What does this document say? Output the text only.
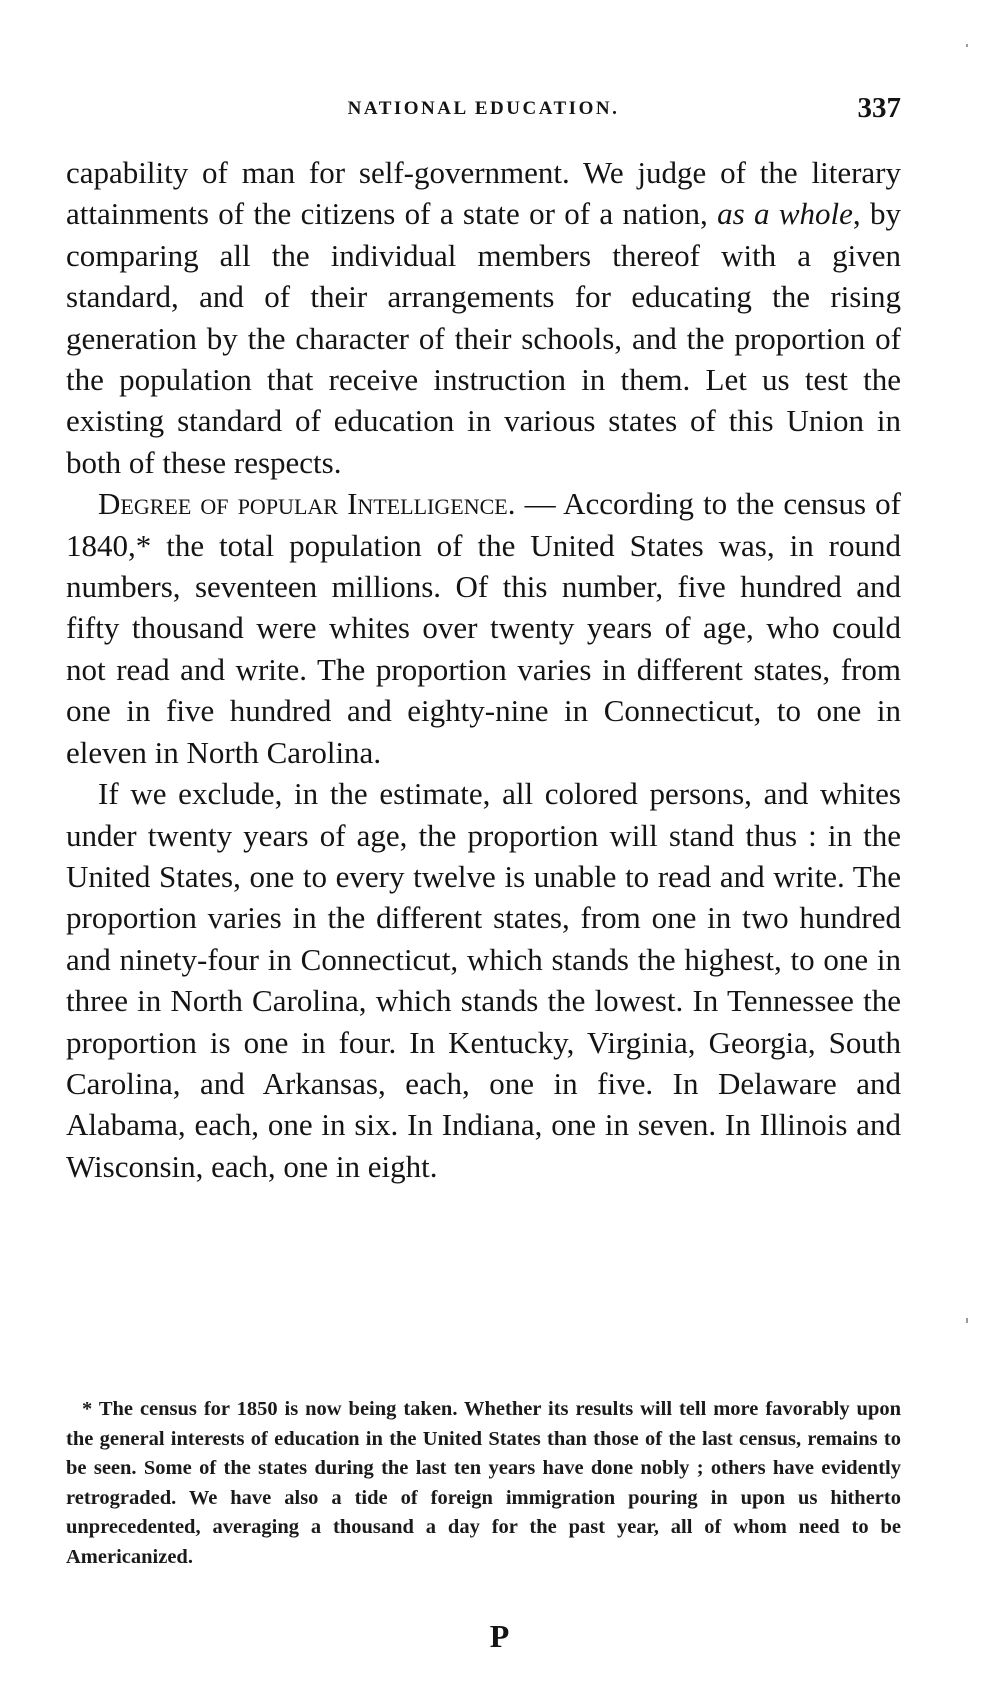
NATIONAL EDUCATION.	337

capability of man for self-government. We judge of the literary attainments of the citizens of a state or of a nation, as a whole, by comparing all the individual members thereof with a given standard, and of their arrangements for educating the rising generation by the character of their schools, and the proportion of the population that receive instruction in them. Let us test the existing standard of education in various states of this Union in both of these respects.

Degree of popular Intelligence. — According to the census of 1840,* the total population of the United States was, in round numbers, seventeen millions. Of this number, five hundred and fifty thousand were whites over twenty years of age, who could not read and write. The proportion varies in different states, from one in five hundred and eighty-nine in Connecticut, to one in eleven in North Carolina.

If we exclude, in the estimate, all colored persons, and whites under twenty years of age, the proportion will stand thus : in the United States, one to every twelve is unable to read and write. The proportion varies in the different states, from one in two hundred and ninety-four in Connecticut, which stands the highest, to one in three in North Carolina, which stands the lowest. In Tennessee the proportion is one in four. In Kentucky, Virginia, Georgia, South Carolina, and Arkansas, each, one in five. In Delaware and Alabama, each, one in six. In Indiana, one in seven. In Illinois and Wisconsin, each, one in eight.

* The census for 1850 is now being taken. Whether its results will tell more favorably upon the general interests of education in the United States than those of the last census, remains to be seen. Some of the states during the last ten years have done nobly ; others have evidently retrograded. We have also a tide of foreign immigration pouring in upon us hitherto unprecedented, averaging a thousand a day for the past year, all of whom need to be Americanized.
P
